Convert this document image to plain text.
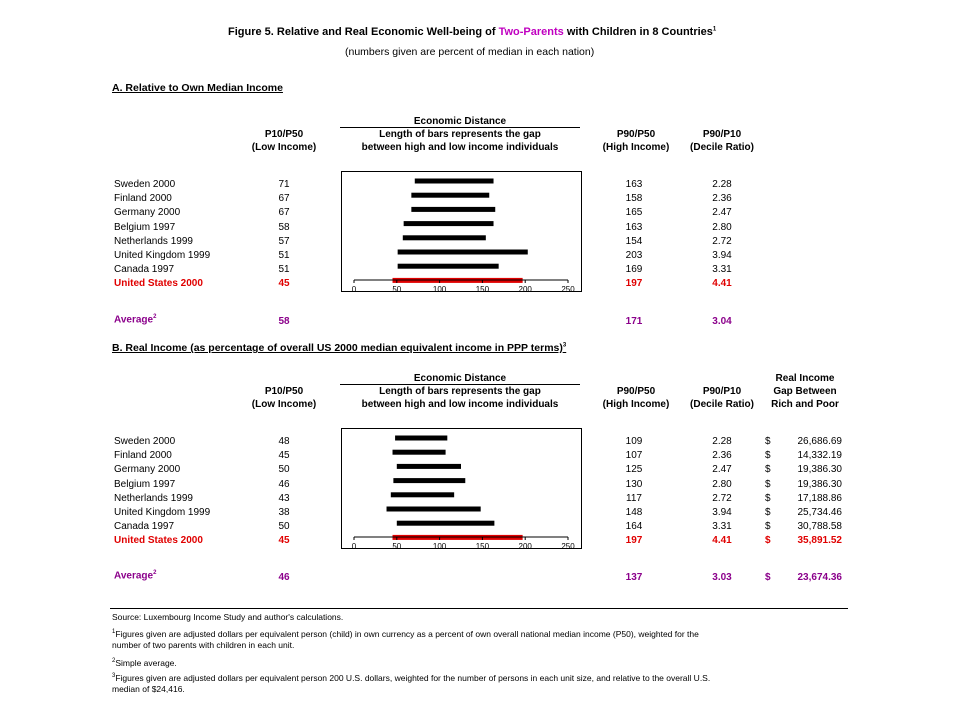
Figure 5. Relative and Real Economic Well-being of Two-Parents with Children in 8 Countries$^1$
(numbers given are percent of median in each nation)
A. Relative to Own Median Income
P10/P50
(Low Income)
Economic Distance
Length of bars represents the gap
between high and low income individuals
P90/P50
(High Income)
P90/P10
(Decile Ratio)
Sweden 2000	71	163	2.28
Finland 2000	67	158	2.36
Germany 2000	67	165	2.47
Belgium 1997	58	163	2.80
Netherlands 1999	57	154	2.72
United Kingdom 1999	51	203	3.94
Canada 1997	51	169	3.31
United States 2000	45	197	4.41
0	50	100	150	200	250
Average$^2$	58	171	3.04
B. Real Income (as percentage of overall US 2000 median equivalent income in PPP terms)$^3$
P10/P50
(Low Income)
Economic Distance
Length of bars represents the gap
between high and low income individuals
P90/P50
(High Income)
P90/P10
(Decile Ratio)
Real Income
Gap Between
Rich and Poor
Sweden 2000	48	109	2.28	$	26,686.69
Finland 2000	45	107	2.36	$	14,332.19
Germany 2000	50	125	2.47	$	19,386.30
Belgium 1997	46	130	2.80	$	19,386.30
Netherlands 1999	43	117	2.72	$	17,188.86
United Kingdom 1999	38	148	3.94	$	25,734.46
Canada 1997	50	164	3.31	$	30,788.58
United States 2000	45	197	4.41	$	35,891.52
0	50	100	150	200	250
Average$^2$	46	137	3.03	$	23,674.36
Source: Luxembourg Income Study and author's calculations.
$^1$Figures given are adjusted dollars per equivalent person (child) in own currency as a percent of own overall national median income (P50), weighted for the
number of two parents with children in each unit.
$^2$Simple average.
$^3$Figures given are adjusted dollars per equivalent person 200 U.S. dollars, weighted for the number of persons in each unit size, and relative to the overall U.S.
median of $24,416.
